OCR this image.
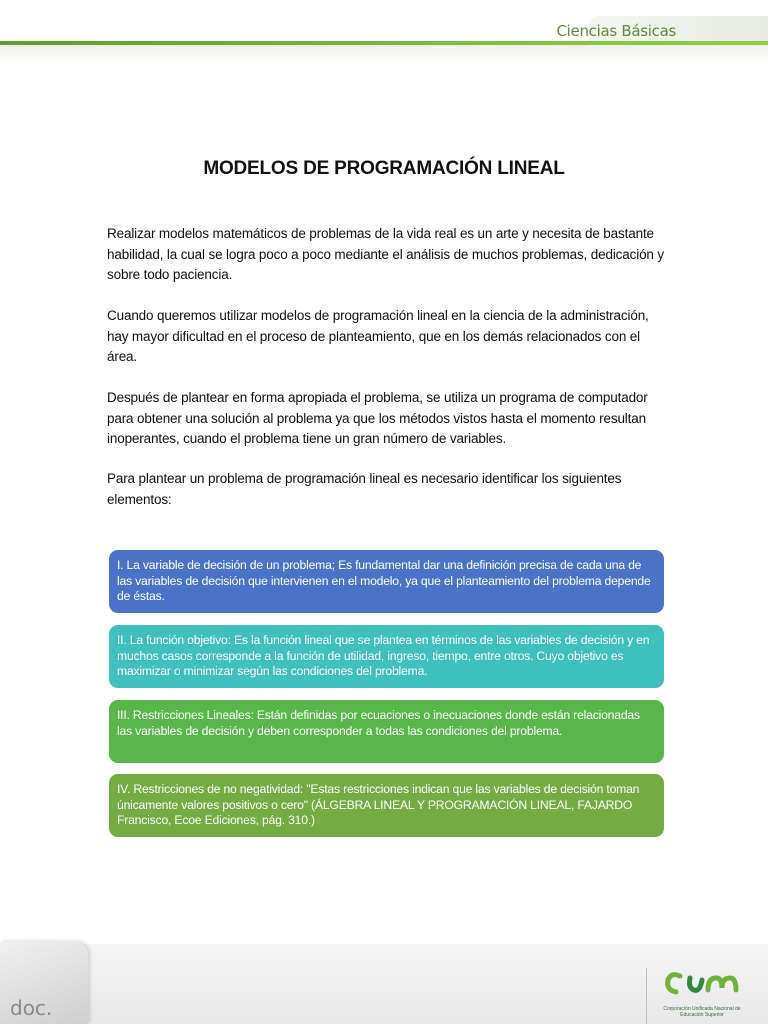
Ciencias Básicas
MODELOS DE PROGRAMACIÓN LINEAL

Realizar modelos matemáticos de problemas de la vida real es un arte y necesita de bastante habilidad, la cual se logra poco a poco mediante el análisis de muchos problemas, dedicación y sobre todo paciencia.

Cuando queremos utilizar modelos de programación lineal en la ciencia de la administración, hay mayor dificultad en el proceso de planteamiento, que en los demás relacionados con el área.

Después de plantear en forma apropiada el problema, se utiliza un programa de computador para obtener una solución al problema ya que los métodos vistos hasta el momento resultan inoperantes, cuando el problema tiene un gran número de variables.

Para plantear un problema de programación lineal es necesario identificar los siguientes elementos:

I. La variable de decisión de un problema; Es fundamental dar una definición precisa de cada una de las variables de decisión que intervienen en el modelo, ya que el planteamiento del problema depende de éstas.
II. La función objetivo: Es la función lineal que se plantea en términos de las variables de decisión y en muchos casos corresponde a la función de utilidad, ingreso, tiempo, entre otros. Cuyo objetivo es maximizar o minimizar según las condiciones del problema.
III. Restricciones Lineales: Están definidas por ecuaciones o inecuaciones donde están relacionadas las variables de decisión y deben corresponder a todas las condiciones del problema.
IV. Restricciones de no negatividad: "Estas restricciones indican que las variables de decisión toman únicamente valores positivos o cero" (ÁLGEBRA LINEAL Y PROGRAMACIÓN LINEAL, FAJARDO Francisco, Ecoe Ediciones, pág. 310.)
doc.	Corporación Unificada Nacional de Educación Superior
